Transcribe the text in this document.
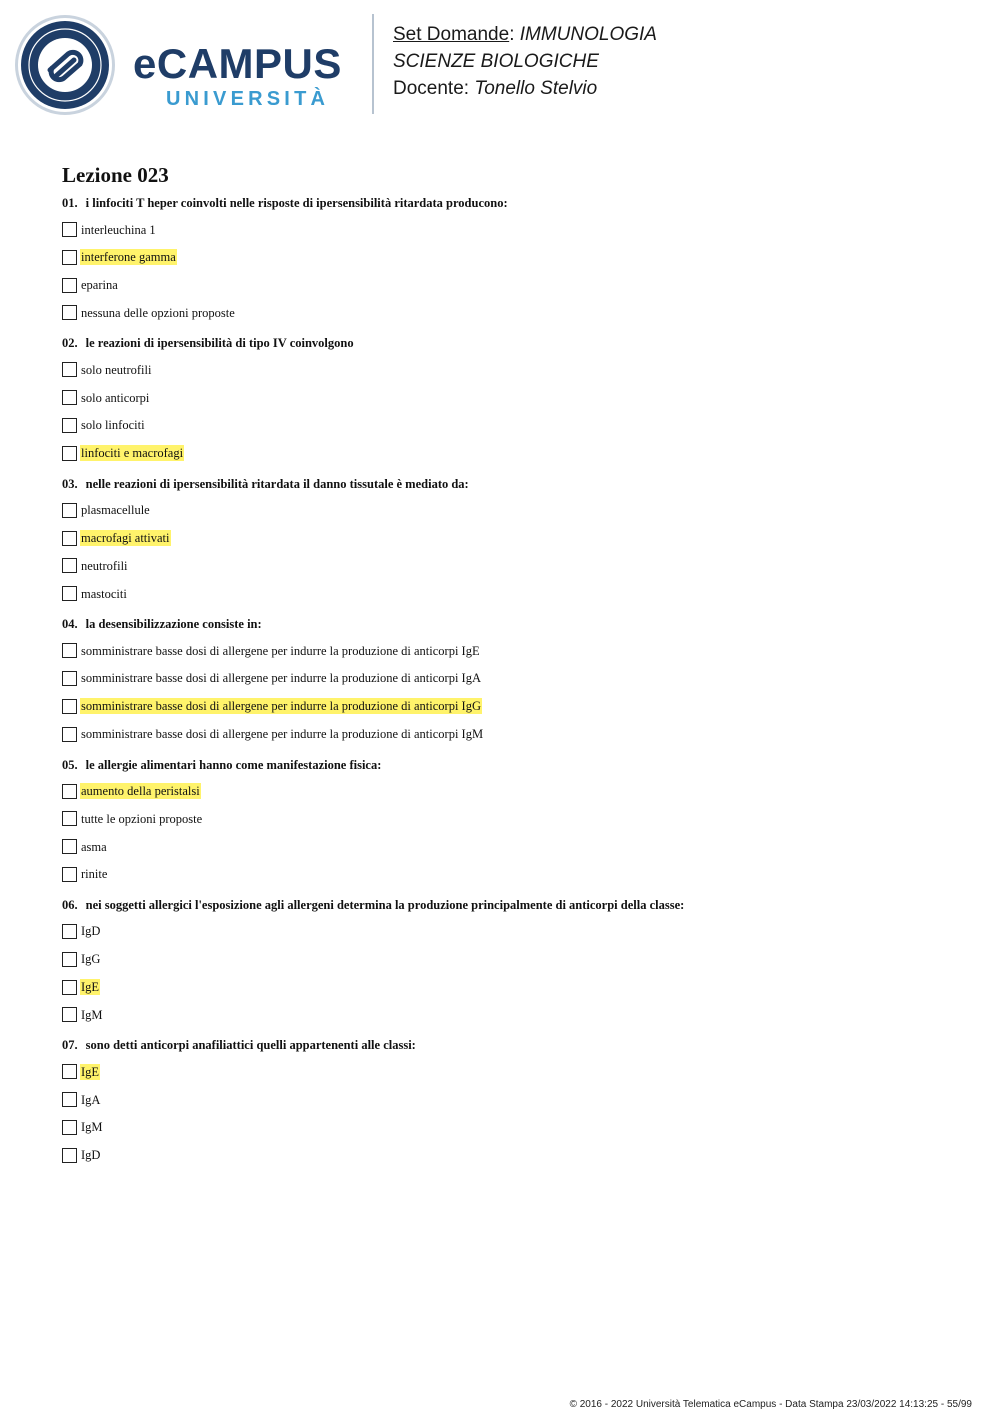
eCAMPUS
UNIVERSITÀ
Set Domande: IMMUNOLOGIA
SCIENZE BIOLOGICHE
Docente: Tonello Stelvio
Lezione 023
01. i linfociti T heper coinvolti nelle risposte di ipersensibilità ritardata producono:
interleuchina 1
interferone gamma
eparina
nessuna delle opzioni proposte
02. le reazioni di ipersensibilità di tipo IV coinvolgono
solo neutrofili
solo anticorpi
solo linfociti
linfociti e macrofagi
03. nelle reazioni di ipersensibilità ritardata il danno tissutale è mediato da:
plasmacellule
macrofagi attivati
neutrofili
mastociti
04. la desensibilizzazione consiste in:
somministrare basse dosi di allergene per indurre la produzione di anticorpi IgE
somministrare basse dosi di allergene per indurre la produzione di anticorpi IgA
somministrare basse dosi di allergene per indurre la produzione di anticorpi IgG
somministrare basse dosi di allergene per indurre la produzione di anticorpi IgM
05. le allergie alimentari hanno come manifestazione fisica:
aumento della peristalsi
tutte le opzioni proposte
asma
rinite
06. nei soggetti allergici l'esposizione agli allergeni determina la produzione principalmente di anticorpi della classe:
IgD
IgG
IgE
IgM
07. sono detti anticorpi anafiliattici quelli appartenenti alle classi:
IgE
IgA
IgM
IgD
© 2016 - 2022 Università Telematica eCampus - Data Stampa 23/03/2022 14:13:25 - 55/99
